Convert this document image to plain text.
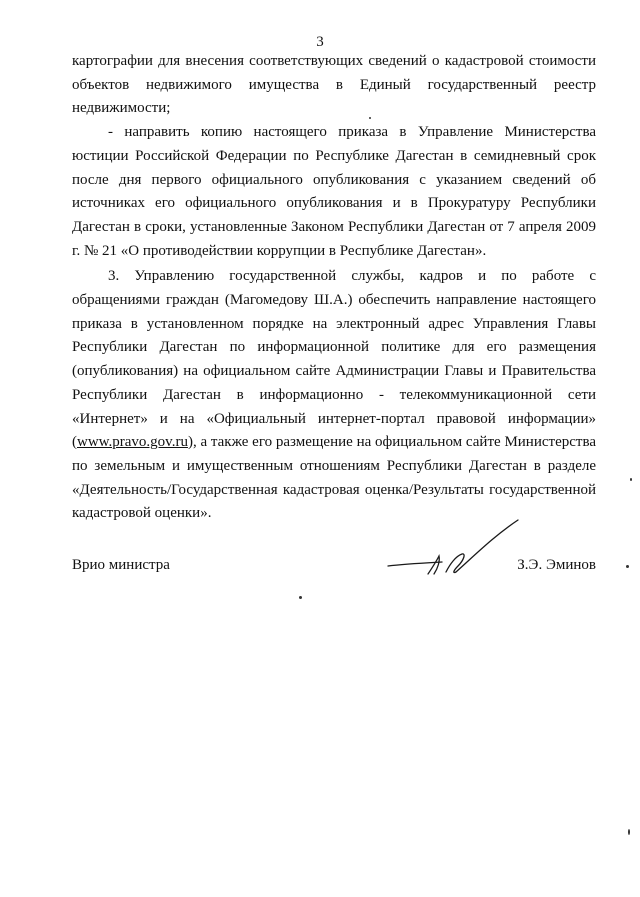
3

картографии для внесения соответствующих сведений о кадастровой стоимости объектов недвижимого имущества в Единый государственный реестр недвижимости;

- направить копию настоящего приказа в Управление Министерства юстиции Российской Федерации по Республике Дагестан в семидневный срок после дня первого официального опубликования с указанием сведений об источниках его официального опубликования и в Прокуратуру Республики Дагестан в сроки, установленные Законом Республики Дагестан от 7 апреля 2009 г. № 21 «О противодействии коррупции в Республике Дагестан».

3. Управлению государственной службы, кадров и по работе с обращениями граждан (Магомедову Ш.А.) обеспечить направление настоящего приказа в установленном порядке на электронный адрес Управления Главы Республики Дагестан по информационной политике для его размещения (опубликования) на официальном сайте Администрации Главы и Правительства Республики Дагестан в информационно - телекоммуникационной сети «Интернет» и на «Официальный интернет-портал правовой информации» (www.pravo.gov.ru), а также его размещение на официальном сайте Министерства по земельным и имущественным отношениям Республики Дагестан в разделе «Деятельность/Государственная кадастровая оценка/Результаты государственной кадастровой оценки».

Врио министра	З.Э. Эминов
